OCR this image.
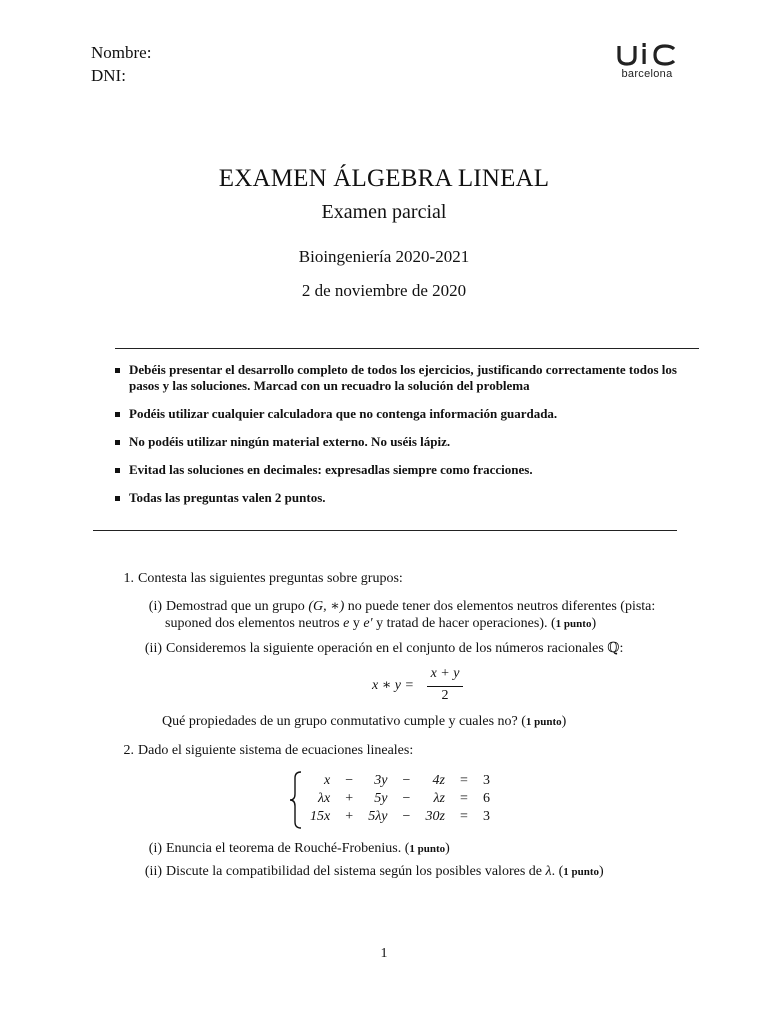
Nombre:
DNI:	barcelona
EXAMEN ÁLGEBRA LINEAL
Examen parcial
Bioingeniería 2020-2021
2 de noviembre de 2020
Debéis presentar el desarrollo completo de todos los ejercicios, justificando correctamente todos los pasos y las soluciones. Marcad con un recuadro la solución del problema
Podéis utilizar cualquier calculadora que no contenga información guardada.
No podéis utilizar ningún material externo. No uséis lápiz.
Evitad las soluciones en decimales: expresadlas siempre como fracciones.
Todas las preguntas valen 2 puntos.
1. Contesta las siguientes preguntas sobre grupos:
(i) Demostrad que un grupo (G, ∗) no puede tener dos elementos neutros diferentes (pista: suponed dos elementos neutros e y e′ y tratad de hacer operaciones). (1 punto)
(ii) Consideremos la siguiente operación en el conjunto de los números racionales ℚ:
x ∗ y =
x + y
2
Qué propiedades de un grupo conmutativo cumple y cuales no? (1 punto)
2. Dado el siguiente sistema de ecuaciones lineales:
x	−	3y	−	4z	=	3
λx	+	5y	−	λz	=	6
15x	+	5λy	−	30z	=	3
(i) Enuncia el teorema de Rouché-Frobenius. (1 punto)
(ii) Discute la compatibilidad del sistema según los posibles valores de λ. (1 punto)
1
